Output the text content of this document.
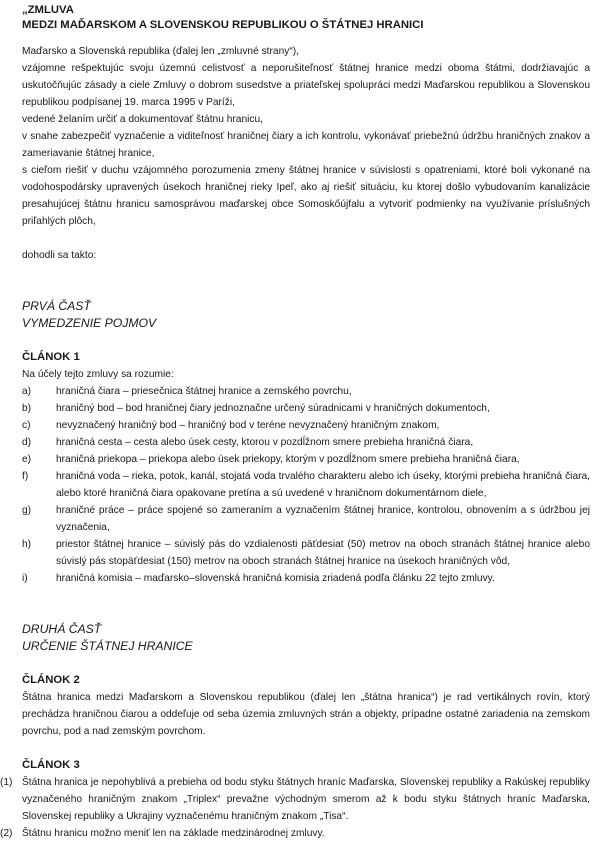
„ZMLUVA
MEDZI MAĎARSKOM A SLOVENSKOU REPUBLIKOU O ŠTÁTNEJ HRANICI
Maďarsko a Slovenská republika (ďalej len „zmluvné strany“),
vzájomne rešpektujúc svoju územnú celistvosť a neporušiteľnosť štátnej hranice medzi oboma štátmi, dodržiavajúc a uskutočňujúc zásady a ciele Zmluvy o dobrom susedstve a priateľskej spolupráci medzi Maďarskou republikou a Slovenskou republikou podpísanej 19. marca 1995 v Paríži,
vedené želaním určiť a dokumentovať štátnu hranicu,
v snahe zabezpečiť vyznačenie a viditeľnosť hraničnej čiary a ich kontrolu, vykonávať priebežnú údržbu hraničných znakov a zameriavanie štátnej hranice,
s cieľom riešiť v duchu vzájomného porozumenia zmeny štátnej hranice v súvislosti s opatreniami, ktoré boli vykonané na vodohospodársky upravených úsekoch hraničnej rieky Ipeľ, ako aj riešiť situáciu, ku ktorej došlo vybudovaním kanalizácie presahujúcej štátnu hranicu samosprávou maďarskej obce Somoskőújfalu a vytvoriť podmienky na využívanie príslušných priľahlých plôch,
dohodli sa takto:
PRVÁ ČASŤ
VYMEDZENIE POJMOV
ČLÁNOK 1
Na účely tejto zmluvy sa rozumie:
a)	hraničná čiara – priesečnica štátnej hranice a zemského povrchu,
b)	hraničný bod – bod hraničnej čiary jednoznačne určený súradnicami v hraničných dokumentoch,
c)	nevyznačený hraničný bod – hraničný bod v teréne nevyznačený hraničným znakom,
d)	hraničná cesta – cesta alebo úsek cesty, ktorou v pozdĺžnom smere prebieha hraničná čiara,
e)	hraničná priekopa – priekopa alebo úsek priekopy, ktorým v pozdĺžnom smere prebieha hraničná čiara,
f)	hraničná voda – rieka, potok, kanál, stojatá voda trvalého charakteru alebo ich úseky, ktorými prebieha hraničná čiara, alebo ktoré hraničná čiara opakovane pretína a sú uvedené v hraničnom dokumentárnom diele,
g)	hraničné práce – práce spojené so zameraním a vyznačením štátnej hranice, kontrolou, obnovením a s údržbou jej vyznačenia,
h)	priestor štátnej hranice – súvislý pás do vzdialenosti päťdesiat (50) metrov na oboch stranách štátnej hranice alebo súvislý pás stopäťdesiat (150) metrov na oboch stranách štátnej hranice na úsekoch hraničných vôd,
i)	hraničná komisia – maďarsko–slovenská hraničná komisia zriadená podľa článku 22 tejto zmluvy.
DRUHÁ ČASŤ
URČENIE ŠTÁTNEJ HRANICE
ČLÁNOK 2
Štátna hranica medzi Maďarskom a Slovenskou republikou (ďalej len „štátna hranica“) je rad vertikálnych rovín, ktorý prechádza hraničnou čiarou a oddeľuje od seba územia zmluvných strán a objekty, prípadne ostatné zariadenia na zemskom povrchu, pod a nad zemským povrchom.
ČLÁNOK 3
(1) Štátna hranica je nepohyblivá a prebieha od bodu styku štátnych hraníc Maďarska, Slovenskej republiky a Rakúskej republiky vyznačeného hraničným znakom „Triplex“ prevažne východným smerom až k bodu styku štátnych hraníc Maďarska, Slovenskej republiky a Ukrajiny vyznačenému hraničným znakom „Tisa“.
(2) Štátnu hranicu možno meniť len na základe medzinárodnej zmluvy.
